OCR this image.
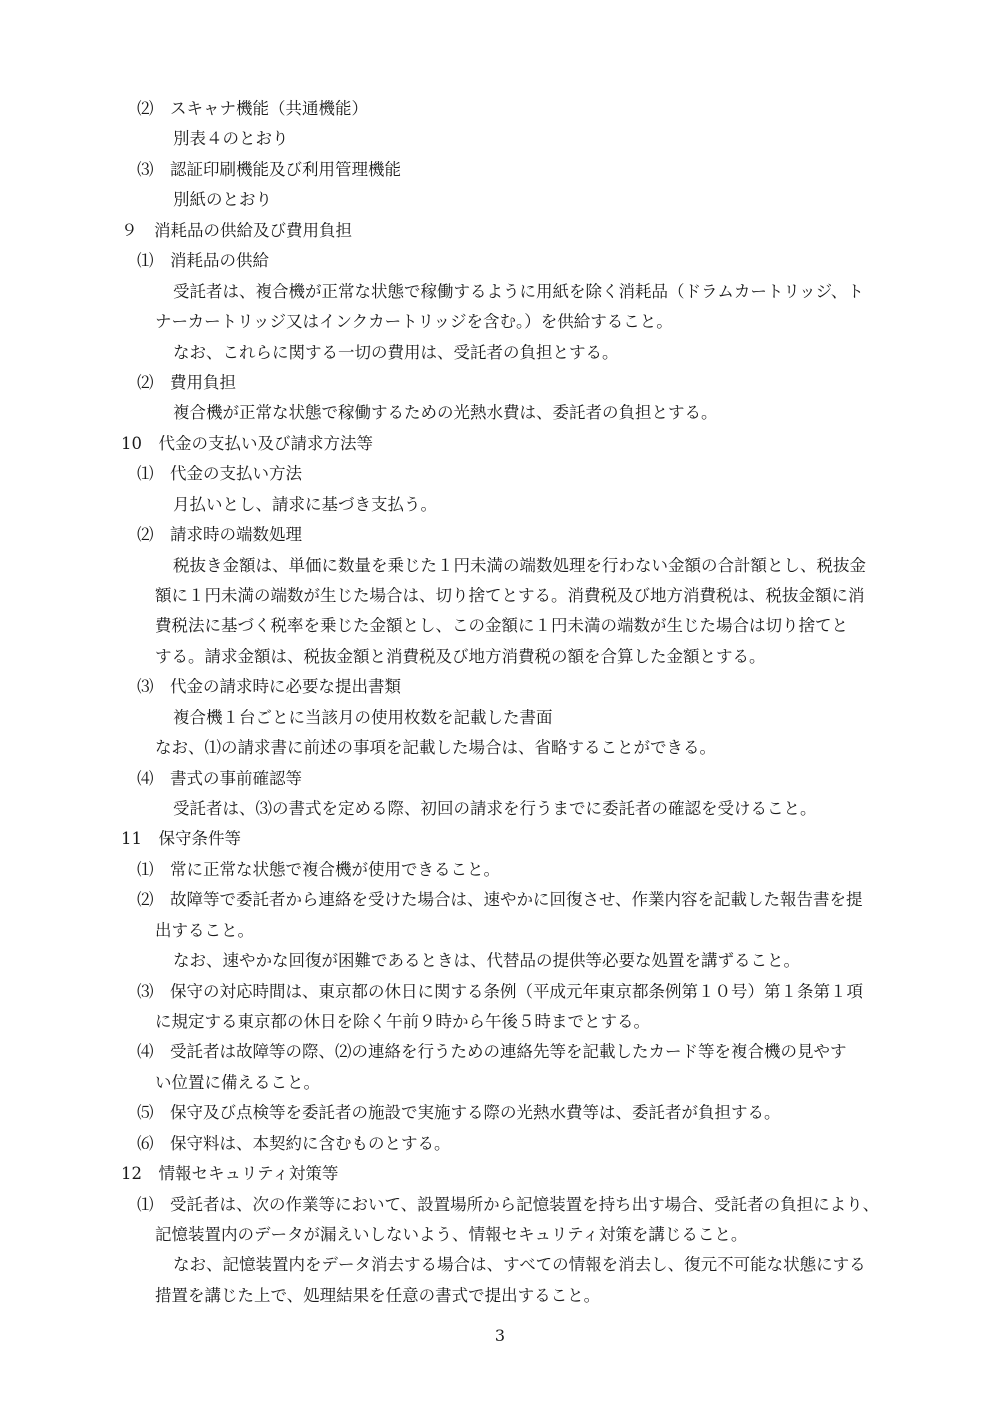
⑵　スキャナ機能（共通機能）
別表４のとおり
⑶　認証印刷機能及び利用管理機能
別紙のとおり
９　消耗品の供給及び費用負担
⑴　消耗品の供給
受託者は、複合機が正常な状態で稼働するように用紙を除く消耗品（ドラムカートリッジ、ト
ナーカートリッジ又はインクカートリッジを含む。）を供給すること。
なお、これらに関する一切の費用は、受託者の負担とする。
⑵　費用負担
複合機が正常な状態で稼働するための光熱水費は、委託者の負担とする。
10　代金の支払い及び請求方法等
⑴　代金の支払い方法
月払いとし、請求に基づき支払う。
⑵　請求時の端数処理
税抜き金額は、単価に数量を乗じた１円未満の端数処理を行わない金額の合計額とし、税抜金
額に１円未満の端数が生じた場合は、切り捨てとする。消費税及び地方消費税は、税抜金額に消
費税法に基づく税率を乗じた金額とし、この金額に１円未満の端数が生じた場合は切り捨てと
する。請求金額は、税抜金額と消費税及び地方消費税の額を合算した金額とする。
⑶　代金の請求時に必要な提出書類
複合機１台ごとに当該月の使用枚数を記載した書面
なお、⑴の請求書に前述の事項を記載した場合は、省略することができる。
⑷　書式の事前確認等
受託者は、⑶の書式を定める際、初回の請求を行うまでに委託者の確認を受けること。
11　保守条件等
⑴　常に正常な状態で複合機が使用できること。
⑵　故障等で委託者から連絡を受けた場合は、速やかに回復させ、作業内容を記載した報告書を提
出すること。
なお、速やかな回復が困難であるときは、代替品の提供等必要な処置を講ずること。
⑶　保守の対応時間は、東京都の休日に関する条例（平成元年東京都条例第１０号）第１条第１項
に規定する東京都の休日を除く午前９時から午後５時までとする。
⑷　受託者は故障等の際、⑵の連絡を行うための連絡先等を記載したカード等を複合機の見やす
い位置に備えること。
⑸　保守及び点検等を委託者の施設で実施する際の光熱水費等は、委託者が負担する。
⑹　保守料は、本契約に含むものとする。
12　情報セキュリティ対策等
⑴　受託者は、次の作業等において、設置場所から記憶装置を持ち出す場合、受託者の負担により、
記憶装置内のデータが漏えいしないよう、情報セキュリティ対策を講じること。
なお、記憶装置内をデータ消去する場合は、すべての情報を消去し、復元不可能な状態にする
措置を講じた上で、処理結果を任意の書式で提出すること。
3
